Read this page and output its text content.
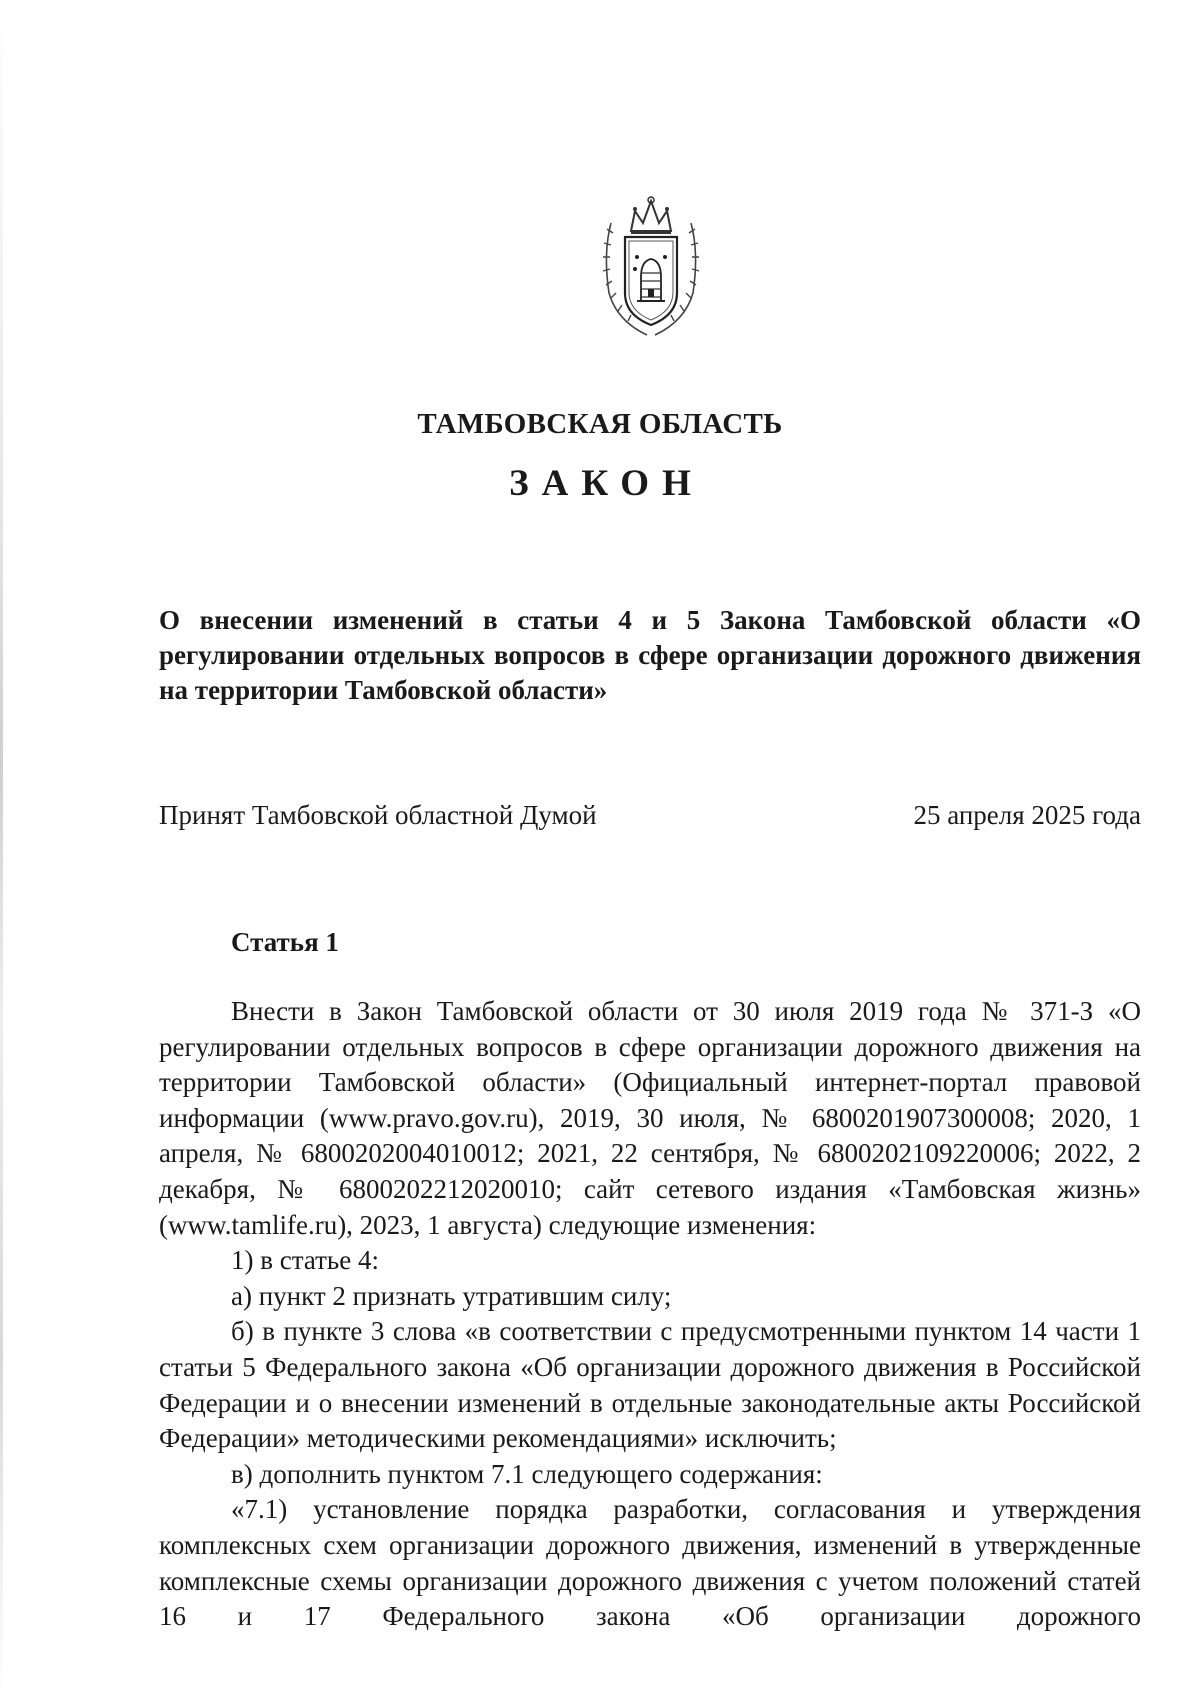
ТАМБОВСКАЯ ОБЛАСТЬ
ЗАКОН
О внесении изменений в статьи 4 и 5 Закона Тамбовской области «О регулировании отдельных вопросов в сфере организации дорожного движения на территории Тамбовской области»
Принят Тамбовской областной Думой	25 апреля 2025 года
Статья 1

Внести в Закон Тамбовской области от 30 июля 2019 года № 371-З «О регулировании отдельных вопросов в сфере организации дорожного движения на территории Тамбовской области» (Официальный интернет-портал правовой информации (www.pravo.gov.ru), 2019, 30 июля, № 6800201907300008; 2020, 1 апреля, № 6800202004010012; 2021, 22 сентября, № 6800202109220006; 2022, 2 декабря, № 6800202212020010; сайт сетевого издания «Тамбовская жизнь» (www.tamlife.ru), 2023, 1 августа) следующие изменения:

1) в статье 4:

а) пункт 2 признать утратившим силу;

б) в пункте 3 слова «в соответствии с предусмотренными пунктом 14 части 1 статьи 5 Федерального закона «Об организации дорожного движения в Российской Федерации и о внесении изменений в отдельные законодательные акты Российской Федерации» методическими рекомендациями» исключить;

в) дополнить пунктом 7.1 следующего содержания:

«7.1) установление порядка разработки, согласования и утверждения комплексных схем организации дорожного движения, изменений в утвержденные комплексные схемы организации дорожного движения с учетом положений статей 16 и 17 Федерального закона «Об организации дорожного
